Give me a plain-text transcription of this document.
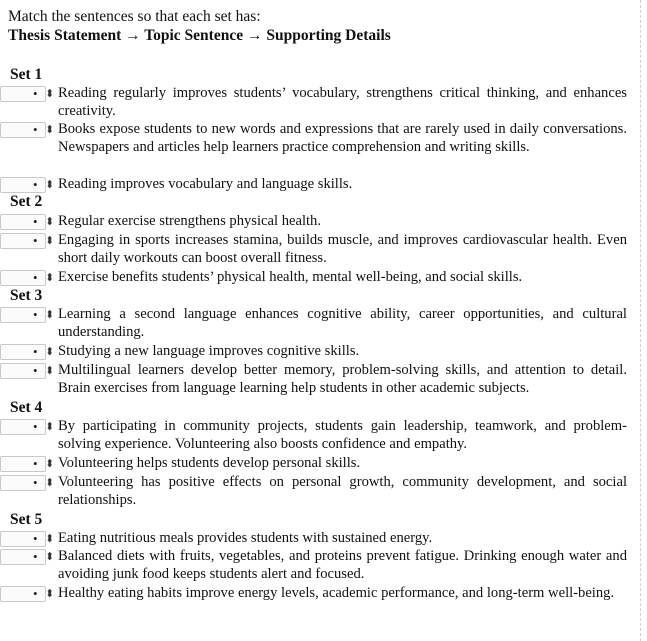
Match the sentences so that each set has:
Thesis Statement → Topic Sentence → Supporting Details
Set 1
• ⬍ Reading regularly improves students’ vocabulary, strengthens critical thinking, and enhances creativity.
• ⬍ Books expose students to new words and expressions that are rarely used in daily conversations. Newspapers and articles help learners practice comprehension and writing skills.
• ⬍ Reading improves vocabulary and language skills.
Set 2
• ⬍ Regular exercise strengthens physical health.
• ⬍ Engaging in sports increases stamina, builds muscle, and improves cardiovascular health. Even short daily workouts can boost overall fitness.
• ⬍ Exercise benefits students’ physical health, mental well-being, and social skills.
Set 3
• ⬍ Learning a second language enhances cognitive ability, career opportunities, and cultural understanding.
• ⬍ Studying a new language improves cognitive skills.
• ⬍ Multilingual learners develop better memory, problem-solving skills, and attention to detail. Brain exercises from language learning help students in other academic subjects.
Set 4
• ⬍ By participating in community projects, students gain leadership, teamwork, and problem-solving experience. Volunteering also boosts confidence and empathy.
• ⬍ Volunteering helps students develop personal skills.
• ⬍ Volunteering has positive effects on personal growth, community development, and social relationships.
Set 5
• ⬍ Eating nutritious meals provides students with sustained energy.
• ⬍ Balanced diets with fruits, vegetables, and proteins prevent fatigue. Drinking enough water and avoiding junk food keeps students alert and focused.
• ⬍ Healthy eating habits improve energy levels, academic performance, and long-term well-being.
